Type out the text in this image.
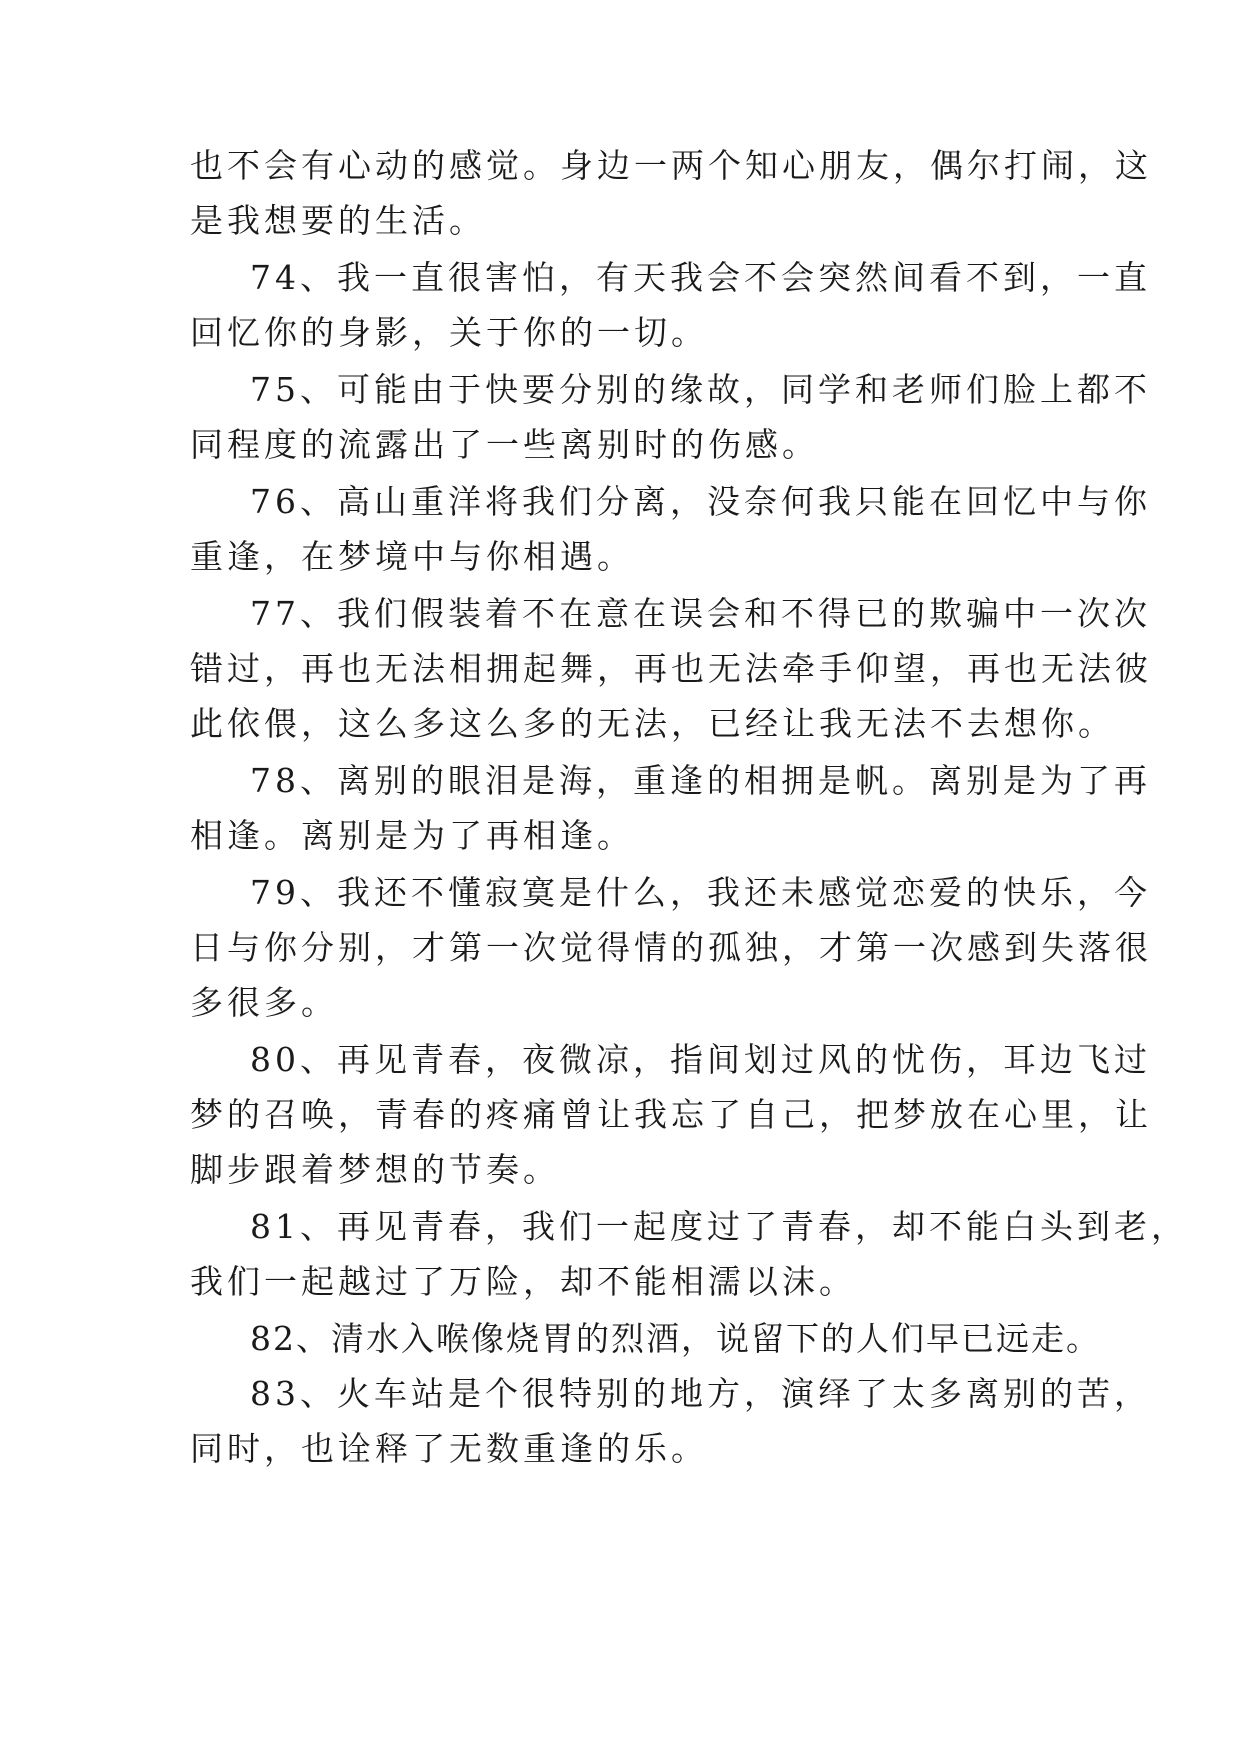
也不会有心动的感觉。身边一两个知心朋友，偶尔打闹，这

是我想要的生活。

74、我一直很害怕，有天我会不会突然间看不到，一直

回忆你的身影，关于你的一切。

75、可能由于快要分别的缘故，同学和老师们脸上都不

同程度的流露出了一些离别时的伤感。

76、高山重洋将我们分离，没奈何我只能在回忆中与你

重逢，在梦境中与你相遇。

77、我们假装着不在意在误会和不得已的欺骗中一次次

错过，再也无法相拥起舞，再也无法牵手仰望，再也无法彼

此依偎，这么多这么多的无法，已经让我无法不去想你。

78、离别的眼泪是海，重逢的相拥是帆。离别是为了再

相逢。离别是为了再相逢。

79、我还不懂寂寞是什么，我还未感觉恋爱的快乐，今

日与你分别，才第一次觉得情的孤独，才第一次感到失落很

多很多。

80、再见青春，夜微凉，指间划过风的忧伤，耳边飞过

梦的召唤，青春的疼痛曾让我忘了自己，把梦放在心里，让

脚步跟着梦想的节奏。

81、再见青春，我们一起度过了青春，却不能白头到老，

我们一起越过了万险，却不能相濡以沫。

82、清水入喉像烧胃的烈酒，说留下的人们早已远走。

83、火车站是个很特别的地方，演绎了太多离别的苦，

同时，也诠释了无数重逢的乐。
